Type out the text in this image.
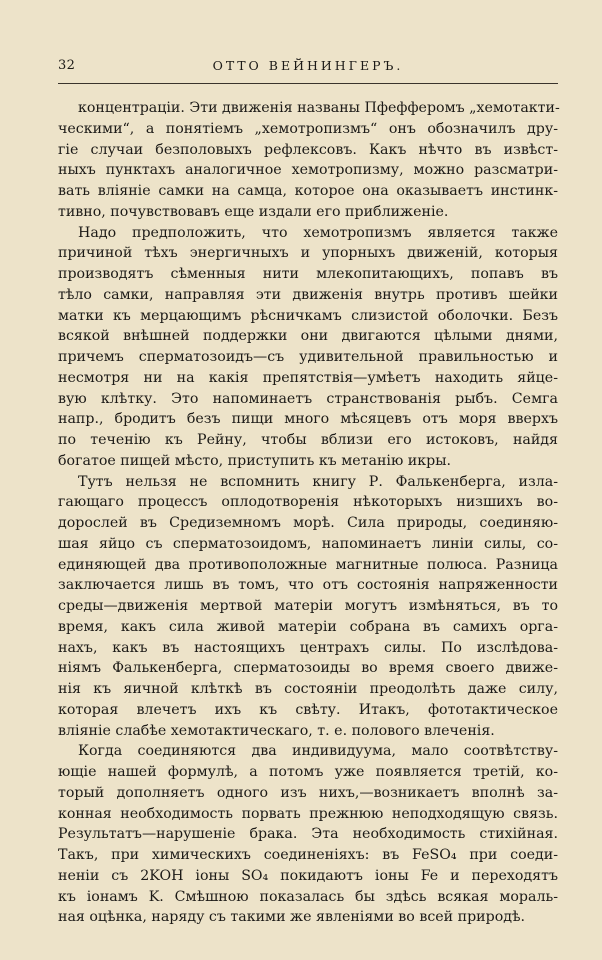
32	ОТТО ВЕЙНИНГЕРЪ.
концентраціи. Эти движенія названы Пфефферомъ „хемотакти-
ческими“, а понятіемъ „хемотропизмъ“ онъ обозначилъ дру-
гіе случаи безполовыхъ рефлексовъ. Какъ нѣчто въ извѣст-
ныхъ пунктахъ аналогичное хемотропизму, можно разсматри-
вать вліяніе самки на самца, которое она оказываетъ инстинк-
тивно, почувствовавъ еще издали его приближеніе.
Надо предположить, что хемотропизмъ является также
причиной тѣхъ энергичныхъ и упорныхъ движеній, которыя
производятъ сѣменныя нити млекопитающихъ, попавъ въ
тѣло самки, направляя эти движенія внутрь противъ шейки
матки къ мерцающимъ рѣсничкамъ слизистой оболочки. Безъ
всякой внѣшней поддержки они двигаются цѣлыми днями,
причемъ сперматозоидъ—съ удивительной правильностью и
несмотря ни на какія препятствія—умѣетъ находить яйце-
вую клѣтку. Это напоминаетъ странствованія рыбъ. Семга
напр., бродитъ безъ пищи много мѣсяцевъ отъ моря вверхъ
по теченію къ Рейну, чтобы вблизи его истоковъ, найдя
богатое пищей мѣсто, приступить къ метанію икры.
Тутъ нельзя не вспомнить книгу Р. Фалькенберга, изла-
гающаго процессъ оплодотворенія нѣкоторыхъ низшихъ во-
дорослей въ Средиземномъ морѣ. Сила природы, соединяю-
шая яйцо съ сперматозоидомъ, напоминаетъ линіи силы, со-
единяющей два противоположные магнитные полюса. Разница
заключается лишь въ томъ, что отъ состоянія напряженности
среды—движенія мертвой матеріи могутъ измѣняться, въ то
время, какъ сила живой матеріи собрана въ самихъ орга-
нахъ, какъ въ настоящихъ центрахъ силы. По изслѣдова-
ніямъ Фалькенберга, сперматозоиды во время своего движе-
нія къ яичной клѣткѣ въ состояніи преодолѣть даже силу,
которая влечетъ ихъ къ свѣту. Итакъ, фототактическое
вліяніе слабѣе хемотактическаго, т. е. полового влеченія.
Когда соединяются два индивидуума, мало соотвѣтству-
ющіе нашей формулѣ, а потомъ уже появляется третій, ко-
торый дополняетъ одного изъ нихъ,—возникаетъ вполнѣ за-
конная необходимость порвать прежнюю неподходящую связь.
Результатъ—нарушеніе брака. Эта необходимость стихійная.
Такъ, при химическихъ соединеніяхъ: въ FeSO₄ при соеди-
неніи съ 2KOH іоны SO₄ покидаютъ іоны Fe и переходятъ
къ іонамъ K. Смѣшною показалась бы здѣсь всякая мораль-
ная оцѣнка, наряду съ такими же явленіями во всей природѣ.
